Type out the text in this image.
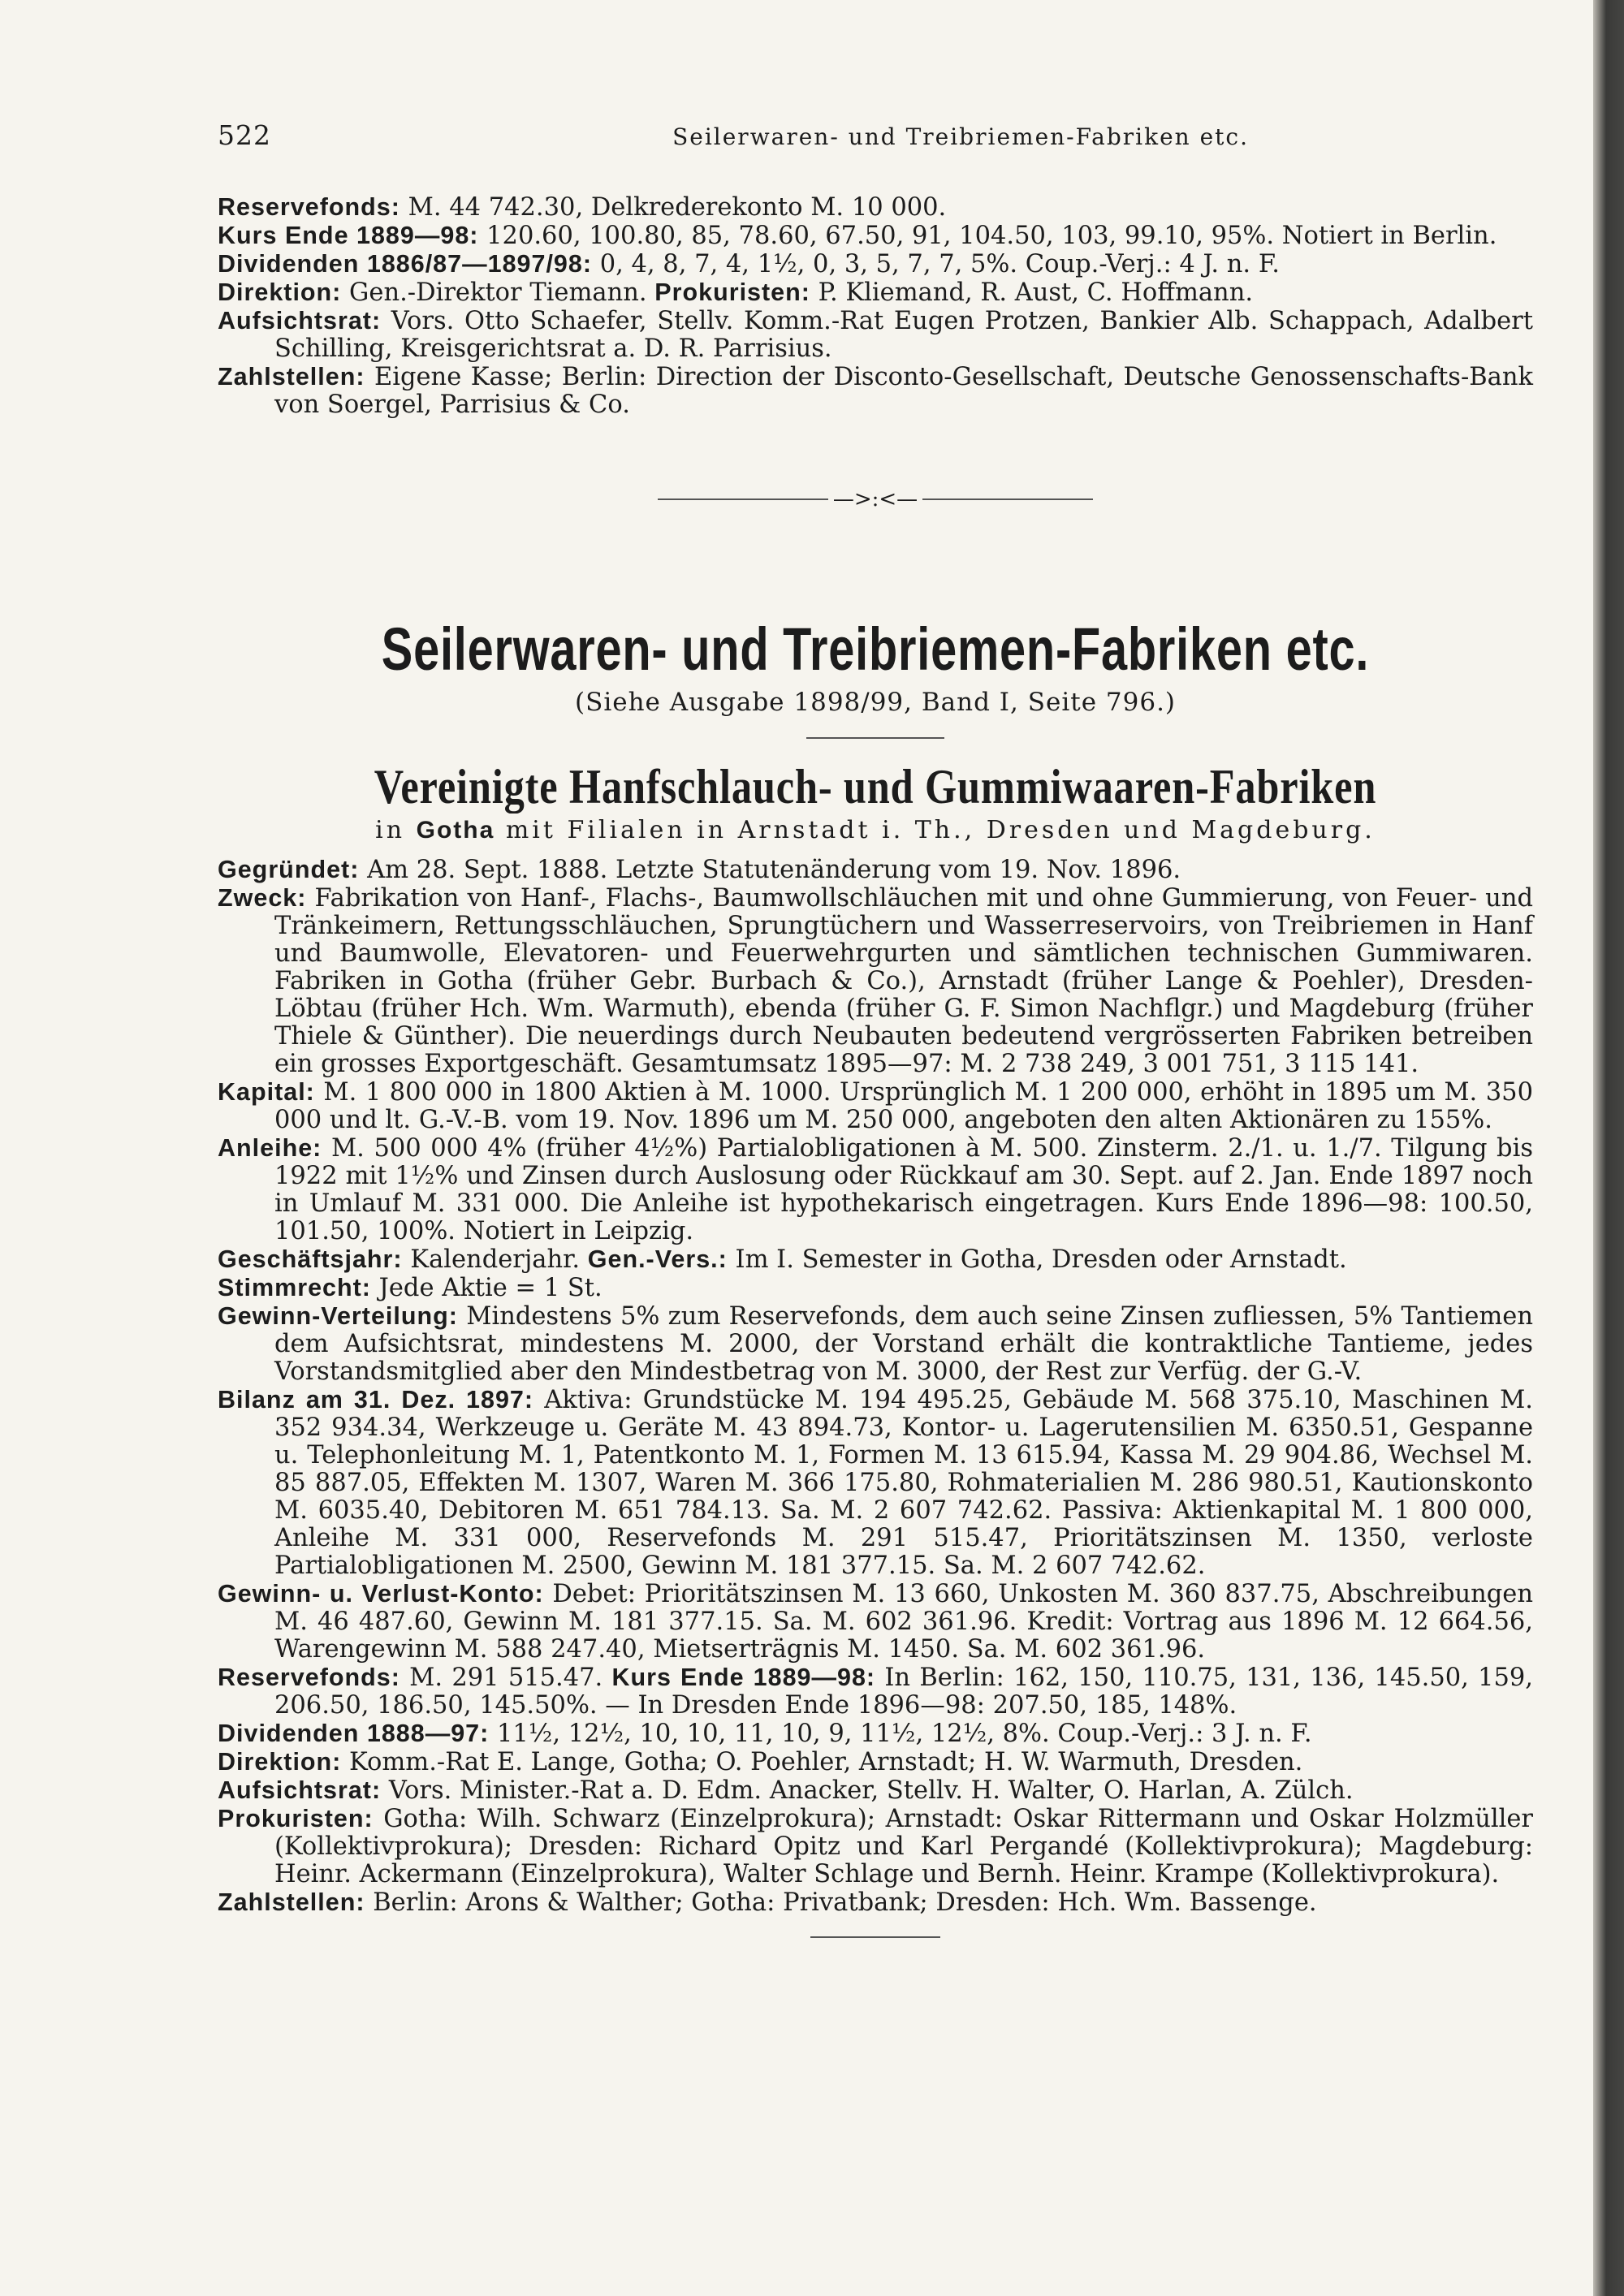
522	Seilerwaren- und Treibriemen-Fabriken etc.

Reservefonds: M. 44 742.30, Delkrederekonto M. 10 000.

Kurs Ende 1889—98: 120.60, 100.80, 85, 78.60, 67.50, 91, 104.50, 103, 99.10, 95%. Notiert in Berlin.

Dividenden 1886/87—1897/98: 0, 4, 8, 7, 4, 1½, 0, 3, 5, 7, 7, 5%. Coup.-Verj.: 4 J. n. F.

Direktion: Gen.-Direktor Tiemann. Prokuristen: P. Kliemand, R. Aust, C. Hoffmann.

Aufsichtsrat: Vors. Otto Schaefer, Stellv. Komm.-Rat Eugen Protzen, Bankier Alb. Schappach, Adalbert Schilling, Kreisgerichtsrat a. D. R. Parrisius.

Zahlstellen: Eigene Kasse; Berlin: Direction der Disconto-Gesellschaft, Deutsche Genossenschafts-Bank von Soergel, Parrisius & Co.

—>:<—
Seilerwaren- und Treibriemen-Fabriken etc.
(Siehe Ausgabe 1898/99, Band I, Seite 796.)
Vereinigte Hanfschlauch- und Gummiwaaren-Fabriken
in Gotha mit Filialen in Arnstadt i. Th., Dresden und Magdeburg.

Gegründet: Am 28. Sept. 1888. Letzte Statutenänderung vom 19. Nov. 1896.

Zweck: Fabrikation von Hanf-, Flachs-, Baumwollschläuchen mit und ohne Gummierung, von Feuer- und Tränkeimern, Rettungsschläuchen, Sprungtüchern und Wasserreservoirs, von Treibriemen in Hanf und Baumwolle, Elevatoren- und Feuerwehrgurten und sämtlichen technischen Gummiwaren. Fabriken in Gotha (früher Gebr. Burbach & Co.), Arnstadt (früher Lange & Poehler), Dresden-Löbtau (früher Hch. Wm. Warmuth), ebenda (früher G. F. Simon Nachflgr.) und Magdeburg (früher Thiele & Günther). Die neuerdings durch Neubauten bedeutend vergrösserten Fabriken betreiben ein grosses Exportgeschäft. Gesamtumsatz 1895—97: M. 2 738 249, 3 001 751, 3 115 141.

Kapital: M. 1 800 000 in 1800 Aktien à M. 1000. Ursprünglich M. 1 200 000, erhöht in 1895 um M. 350 000 und lt. G.-V.-B. vom 19. Nov. 1896 um M. 250 000, angeboten den alten Aktionären zu 155%.

Anleihe: M. 500 000 4% (früher 4½%) Partialobligationen à M. 500. Zinsterm. 2./1. u. 1./7. Tilgung bis 1922 mit 1½% und Zinsen durch Auslosung oder Rückkauf am 30. Sept. auf 2. Jan. Ende 1897 noch in Umlauf M. 331 000. Die Anleihe ist hypothekarisch eingetragen. Kurs Ende 1896—98: 100.50, 101.50, 100%. Notiert in Leipzig.

Geschäftsjahr: Kalenderjahr. Gen.-Vers.: Im I. Semester in Gotha, Dresden oder Arnstadt.

Stimmrecht: Jede Aktie = 1 St.

Gewinn-Verteilung: Mindestens 5% zum Reservefonds, dem auch seine Zinsen zufliessen, 5% Tantiemen dem Aufsichtsrat, mindestens M. 2000, der Vorstand erhält die kontraktliche Tantieme, jedes Vorstandsmitglied aber den Mindestbetrag von M. 3000, der Rest zur Verfüg. der G.-V.

Bilanz am 31. Dez. 1897: Aktiva: Grundstücke M. 194 495.25, Gebäude M. 568 375.10, Maschinen M. 352 934.34, Werkzeuge u. Geräte M. 43 894.73, Kontor- u. Lagerutensilien M. 6350.51, Gespanne u. Telephonleitung M. 1, Patentkonto M. 1, Formen M. 13 615.94, Kassa M. 29 904.86, Wechsel M. 85 887.05, Effekten M. 1307, Waren M. 366 175.80, Rohmaterialien M. 286 980.51, Kautionskonto M. 6035.40, Debitoren M. 651 784.13. Sa. M. 2 607 742.62. Passiva: Aktienkapital M. 1 800 000, Anleihe M. 331 000, Reservefonds M. 291 515.47, Prioritätszinsen M. 1350, verloste Partialobligationen M. 2500, Gewinn M. 181 377.15. Sa. M. 2 607 742.62.

Gewinn- u. Verlust-Konto: Debet: Prioritätszinsen M. 13 660, Unkosten M. 360 837.75, Abschreibungen M. 46 487.60, Gewinn M. 181 377.15. Sa. M. 602 361.96. Kredit: Vortrag aus 1896 M. 12 664.56, Warengewinn M. 588 247.40, Mietserträgnis M. 1450. Sa. M. 602 361.96.

Reservefonds: M. 291 515.47. Kurs Ende 1889—98: In Berlin: 162, 150, 110.75, 131, 136, 145.50, 159, 206.50, 186.50, 145.50%. — In Dresden Ende 1896—98: 207.50, 185, 148%.

Dividenden 1888—97: 11½, 12½, 10, 10, 11, 10, 9, 11½, 12½, 8%. Coup.-Verj.: 3 J. n. F.

Direktion: Komm.-Rat E. Lange, Gotha; O. Poehler, Arnstadt; H. W. Warmuth, Dresden.

Aufsichtsrat: Vors. Minister.-Rat a. D. Edm. Anacker, Stellv. H. Walter, O. Harlan, A. Zülch.

Prokuristen: Gotha: Wilh. Schwarz (Einzelprokura); Arnstadt: Oskar Rittermann und Oskar Holzmüller (Kollektivprokura); Dresden: Richard Opitz und Karl Pergandé (Kollektivprokura); Magdeburg: Heinr. Ackermann (Einzelprokura), Walter Schlage und Bernh. Heinr. Krampe (Kollektivprokura).

Zahlstellen: Berlin: Arons & Walther; Gotha: Privatbank; Dresden: Hch. Wm. Bassenge.
